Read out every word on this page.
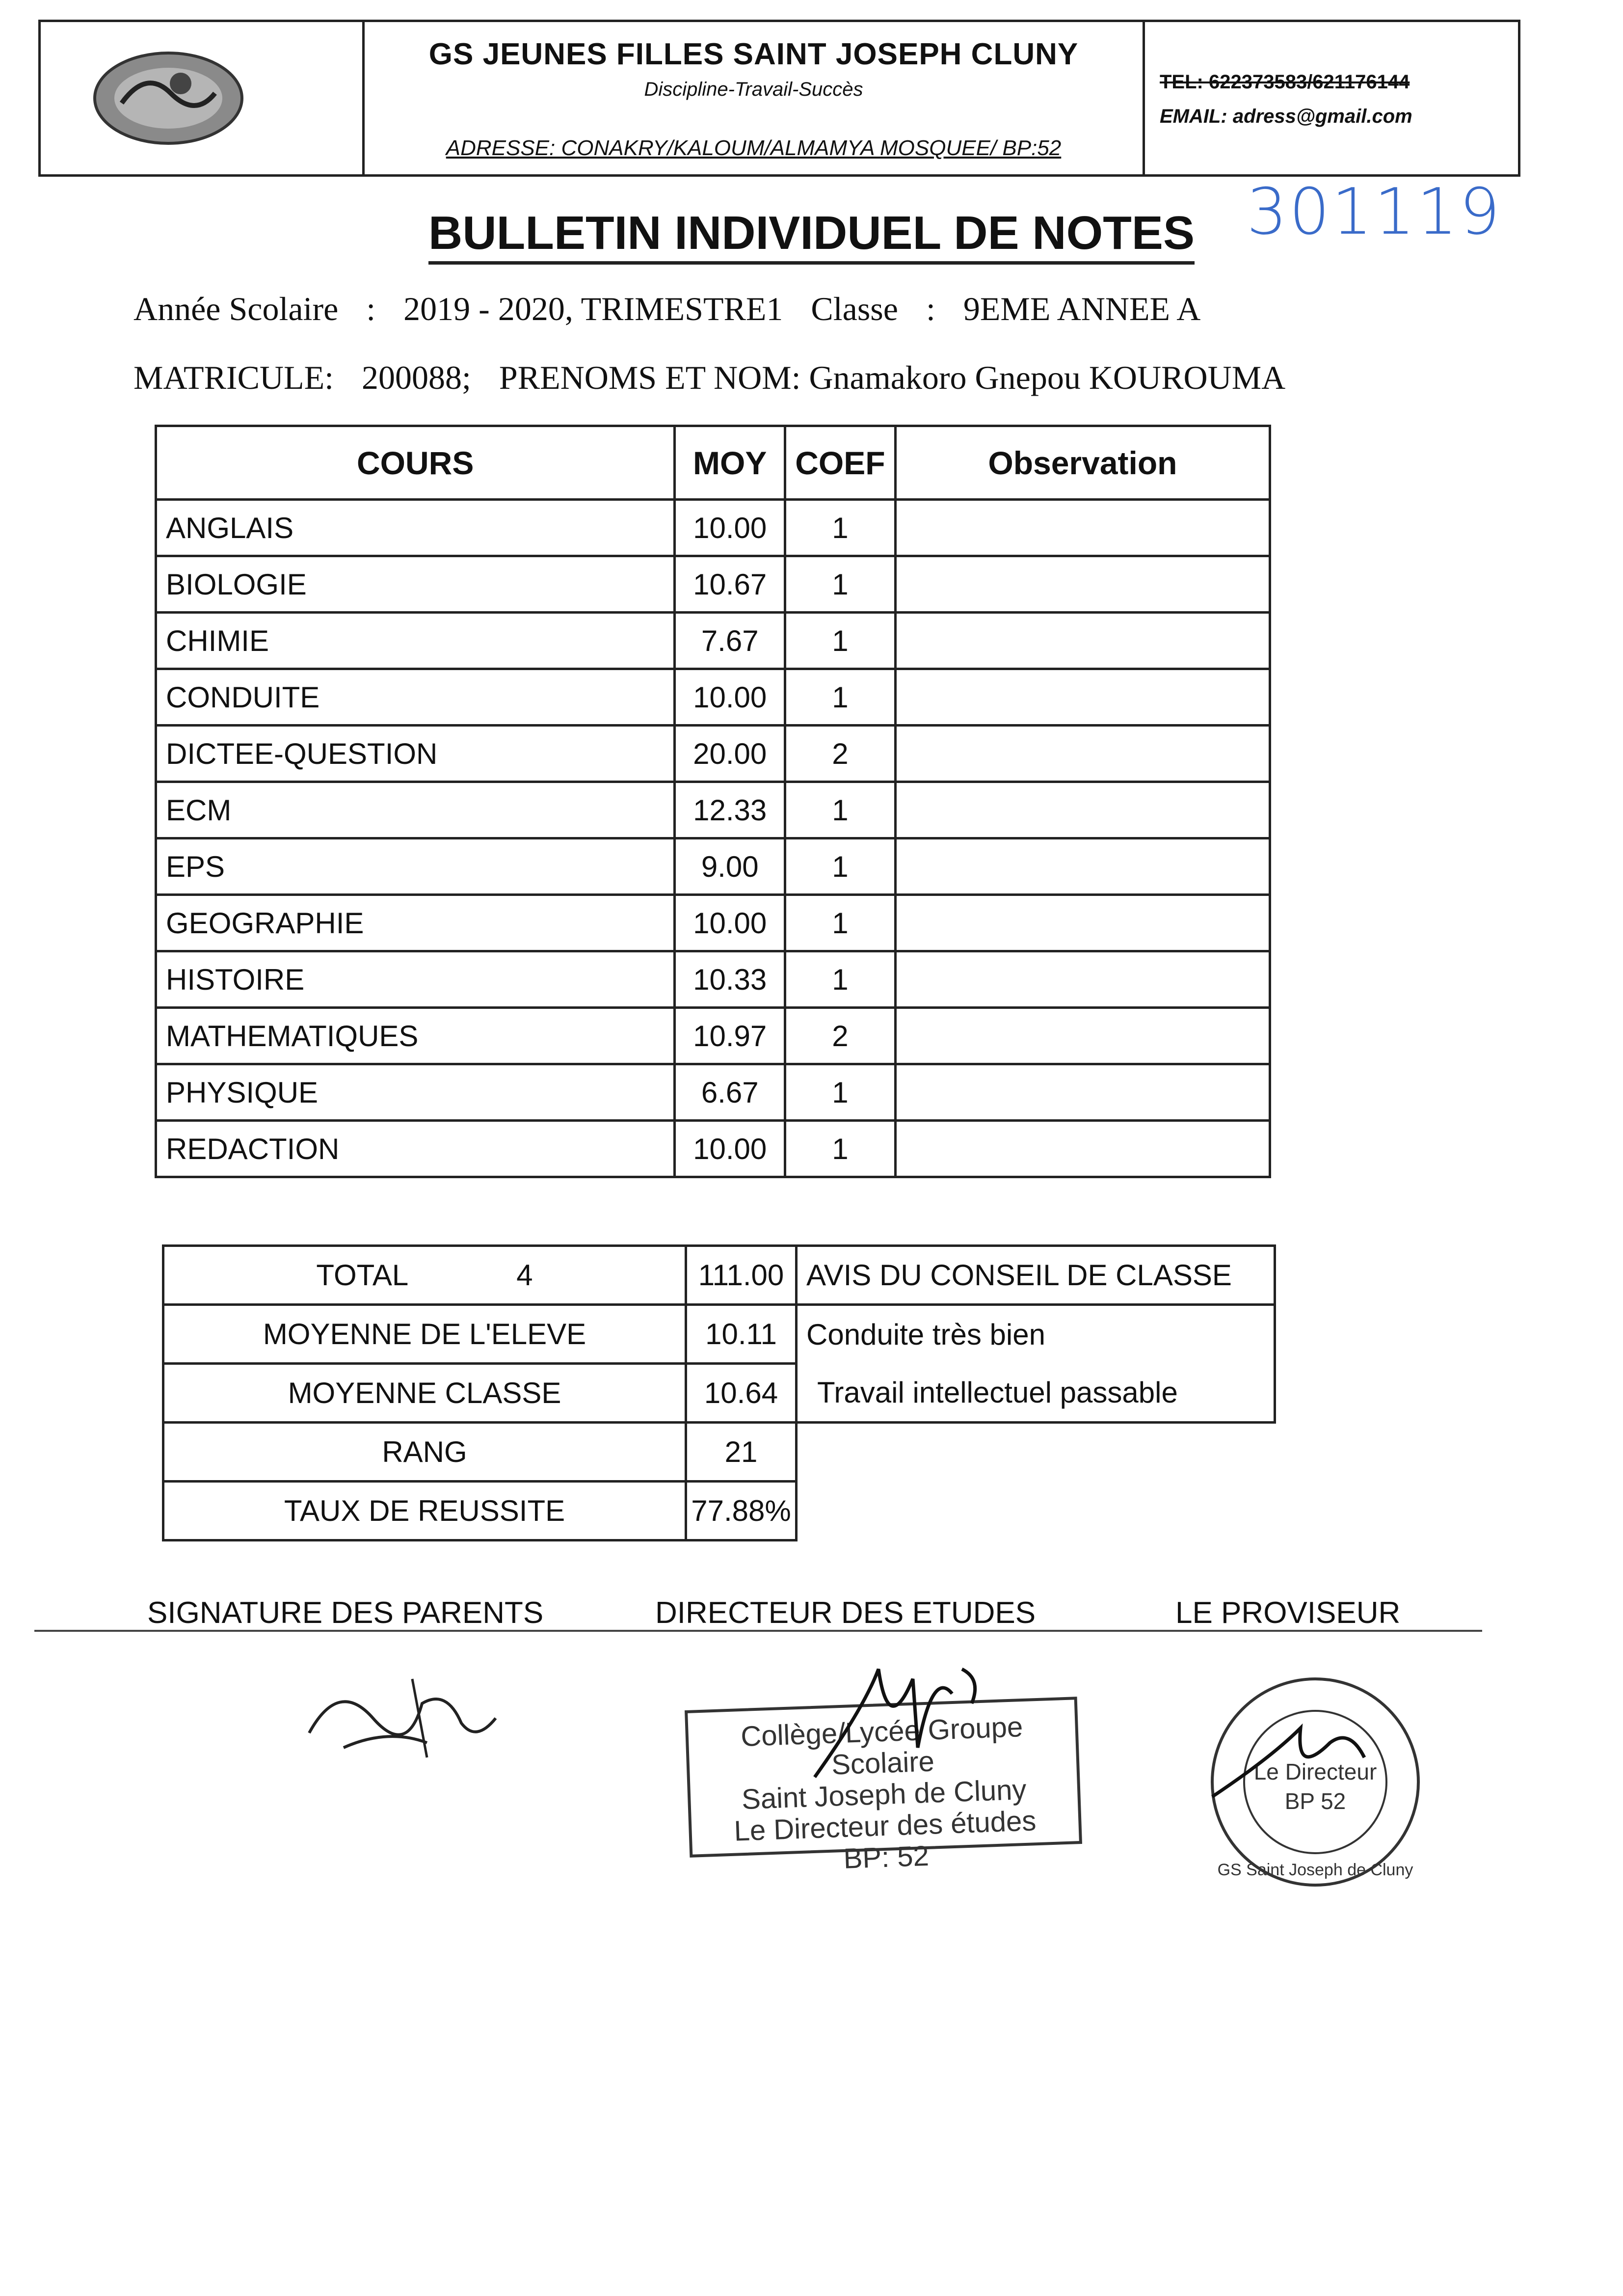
GS JEUNES FILLES SAINT JOSEPH CLUNY
Discipline-Travail-Succès
ADRESSE: CONAKRY/KALOUM/ALMAMYA MOSQUEE/ BP:52
TEL: 622373583/621176144
EMAIL: adress@gmail.com
301119
BULLETIN INDIVIDUEL DE NOTES
Année Scolaire : 2019 - 2020, TRIMESTRE1 Classe : 9EME ANNEE A
MATRICULE: 200088; PRENOMS ET NOM: Gnamakoro Gnepou KOUROUMA
COURS	MOY	COEF	Observation
ANGLAIS	10.00	1	
BIOLOGIE	10.67	1	
CHIMIE	7.67	1	
CONDUITE	10.00	1	
DICTEE-QUESTION	20.00	2	
ECM	12.33	1	
EPS	9.00	1	
GEOGRAPHIE	10.00	1	
HISTOIRE	10.33	1	
MATHEMATIQUES	10.97	2	
PHYSIQUE	6.67	1	
REDACTION	10.00	1	
TOTAL 4	111.00	AVIS DU CONSEIL DE CLASSE
MOYENNE DE L'ELEVE	10.11	Conduite très bien
MOYENNE CLASSE	10.64	Travail intellectuel passable
RANG	21	
TAUX DE REUSSITE	77.88%	
SIGNATURE DES PARENTS	DIRECTEUR DES ETUDES	LE PROVISEUR
Collège/Lycée Groupe Scolaire
Saint Joseph de Cluny
Le Directeur des études
BP: 52
Le Directeur
BP 52
GS Saint Joseph de Cluny
